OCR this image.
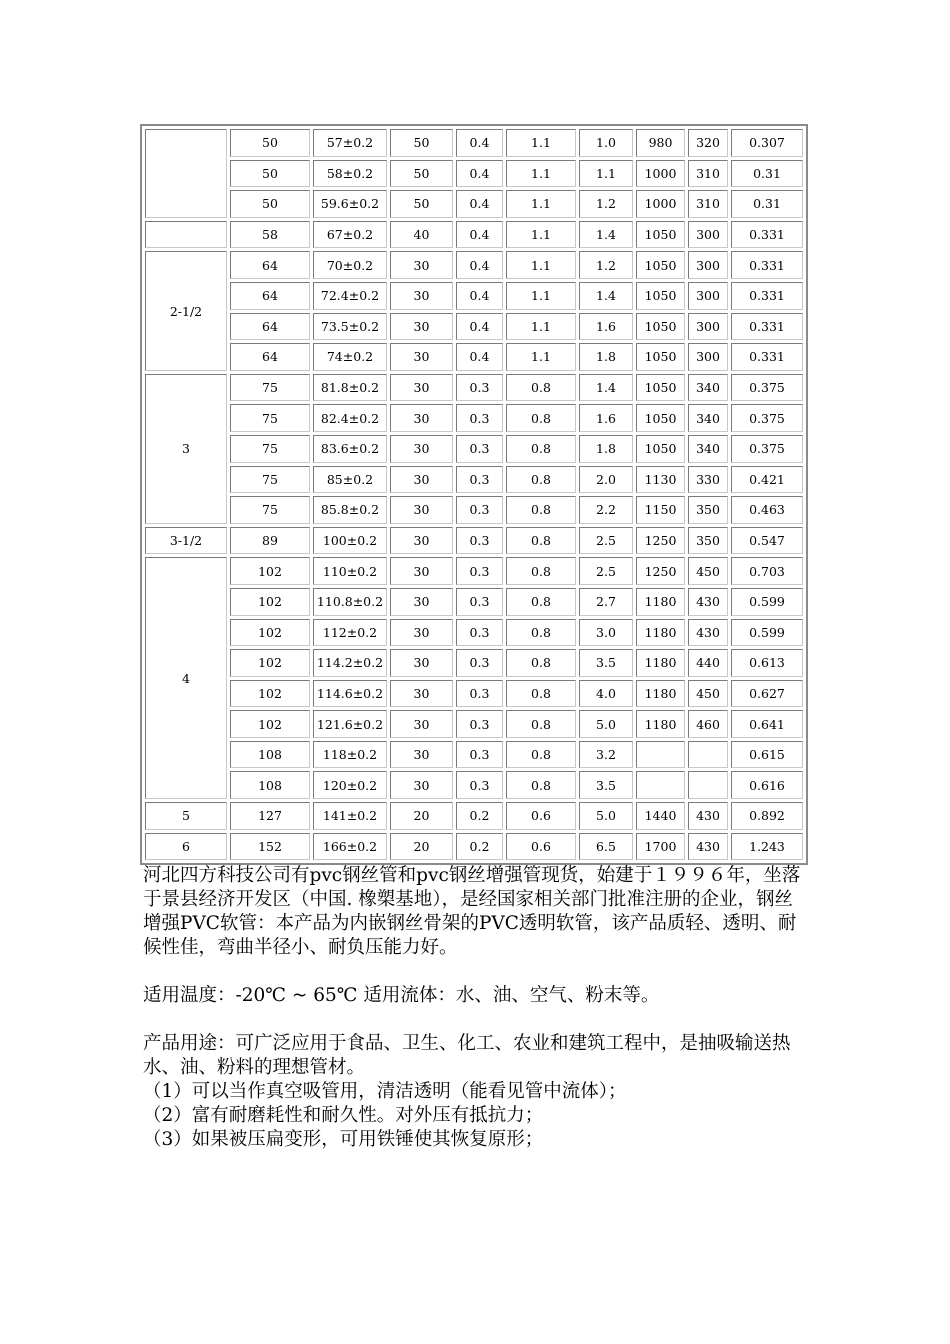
	50	57±0.2	50	0.4	1.1	1.0	980	320	0.307
	50	58±0.2	50	0.4	1.1	1.1	1000	310	0.31
	50	59.6±0.2	50	0.4	1.1	1.2	1000	310	0.31
	58	67±0.2	40	0.4	1.1	1.4	1050	300	0.331
2-1/2	64	70±0.2	30	0.4	1.1	1.2	1050	300	0.331
	64	72.4±0.2	30	0.4	1.1	1.4	1050	300	0.331
	64	73.5±0.2	30	0.4	1.1	1.6	1050	300	0.331
	64	74±0.2	30	0.4	1.1	1.8	1050	300	0.331
3	75	81.8±0.2	30	0.3	0.8	1.4	1050	340	0.375
	75	82.4±0.2	30	0.3	0.8	1.6	1050	340	0.375
	75	83.6±0.2	30	0.3	0.8	1.8	1050	340	0.375
	75	85±0.2	30	0.3	0.8	2.0	1130	330	0.421
	75	85.8±0.2	30	0.3	0.8	2.2	1150	350	0.463
3-1/2	89	100±0.2	30	0.3	0.8	2.5	1250	350	0.547
4	102	110±0.2	30	0.3	0.8	2.5	1250	450	0.703
	102	110.8±0.2	30	0.3	0.8	2.7	1180	430	0.599
	102	112±0.2	30	0.3	0.8	3.0	1180	430	0.599
	102	114.2±0.2	30	0.3	0.8	3.5	1180	440	0.613
	102	114.6±0.2	30	0.3	0.8	4.0	1180	450	0.627
	102	121.6±0.2	30	0.3	0.8	5.0	1180	460	0.641
	108	118±0.2	30	0.3	0.8	3.2			0.615
	108	120±0.2	30	0.3	0.8	3.5			0.616
5	127	141±0.2	20	0.2	0.6	5.0	1440	430	0.892
6	152	166±0.2	20	0.2	0.6	6.5	1700	430	1.243

河北四方科技公司有pvc钢丝管和pvc钢丝增强管现货，始建于１９９６年，坐落于景县经济开发区（中国. 橡槊基地），是经国家相关部门批准注册的企业，钢丝增强PVC软管：本产品为内嵌钢丝骨架的PVC透明软管，该产品质轻、透明、耐候性佳，弯曲半径小、耐负压能力好。

适用温度：-20℃ ~ 65℃ 适用流体：水、油、空气、粉末等。

产品用途：可广泛应用于食品、卫生、化工、农业和建筑工程中，是抽吸输送热水、油、粉料的理想管材。

（1）可以当作真空吸管用，清洁透明（能看见管中流体）；

（2）富有耐磨耗性和耐久性。对外压有抵抗力；

（3）如果被压扁变形，可用铁锤使其恢复原形；
